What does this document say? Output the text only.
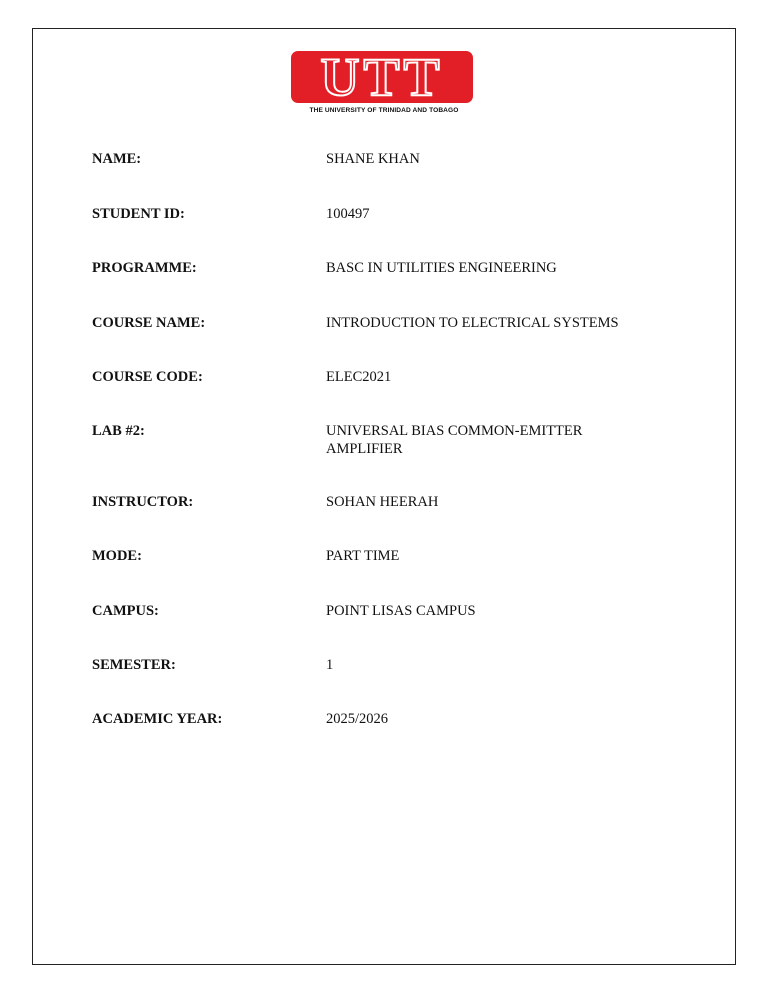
UTT
THE UNIVERSITY OF TRINIDAD AND TOBAGO
NAME:	SHANE KHAN
STUDENT ID:	100497
PROGRAMME:	BASC IN UTILITIES ENGINEERING
COURSE NAME:	INTRODUCTION TO ELECTRICAL SYSTEMS
COURSE CODE:	ELEC2021
LAB #2:	UNIVERSAL BIAS COMMON-EMITTER AMPLIFIER
INSTRUCTOR:	SOHAN HEERAH
MODE:	PART TIME
CAMPUS:	POINT LISAS CAMPUS
SEMESTER:	1
ACADEMIC YEAR:	2025/2026
